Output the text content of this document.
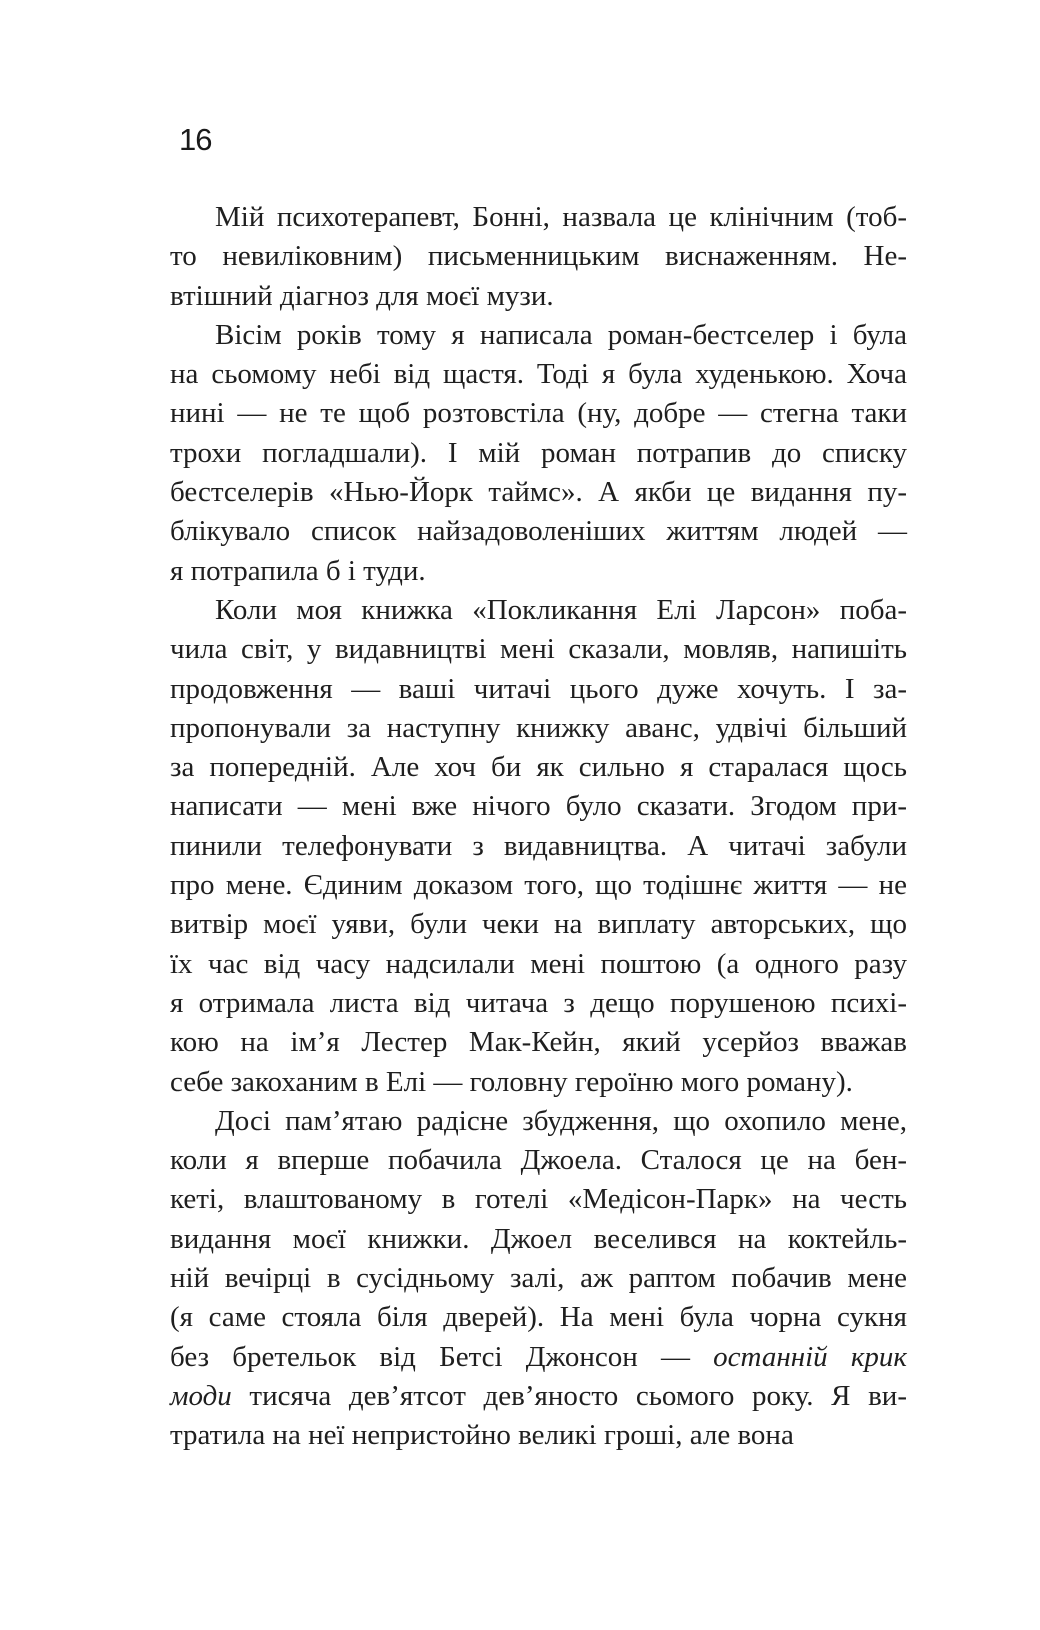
16
Мій психотерапевт, Бонні, назвала це клінічним (тоб-
то невиліковним) письменницьким виснаженням. Не-
втішний діагноз для моєї музи.
Вісім років тому я написала роман-бестселер і була
на сьомому небі від щастя. Тоді я була худенькою. Хоча
нині — не те щоб розтовстіла (ну, добре — стегна таки
трохи погладшали). І мій роман потрапив до списку
бестселерів «Нью-Йорк таймс». А якби це видання пу-
блікувало список найзадоволеніших життям людей —
я потрапила б і туди.
Коли моя книжка «Покликання Елі Ларсон» поба-
чила світ, у видавництві мені сказали, мовляв, напишіть
продовження — ваші читачі цього дуже хочуть. І за-
пропонували за наступну книжку аванс, удвічі більший
за попередній. Але хоч би як сильно я старалася щось
написати — мені вже нічого було сказати. Згодом при-
пинили телефонувати з видавництва. А читачі забули
про мене. Єдиним доказом того, що тодішнє життя — не
витвір моєї уяви, були чеки на виплату авторських, що
їх час від часу надсилали мені поштою (а одного разу
я отримала листа від читача з дещо порушеною психі-
кою на ім’я Лестер Мак-Кейн, який усерйоз вважав
себе закоханим в Елі — головну героїню мого роману).
Досі пам’ятаю радісне збудження, що охопило мене,
коли я вперше побачила Джоела. Сталося це на бен-
кеті, влаштованому в готелі «Медісон-Парк» на честь
видання моєї книжки. Джоел веселився на коктейль-
ній вечірці в сусідньому залі, аж раптом побачив мене
(я саме стояла біля дверей). На мені була чорна сукня
без бретельок від Бетсі Джонсон — останній крик
моди тисяча дев’ятсот дев’яносто сьомого року. Я ви-
тратила на неї непристойно великі гроші, але вона
